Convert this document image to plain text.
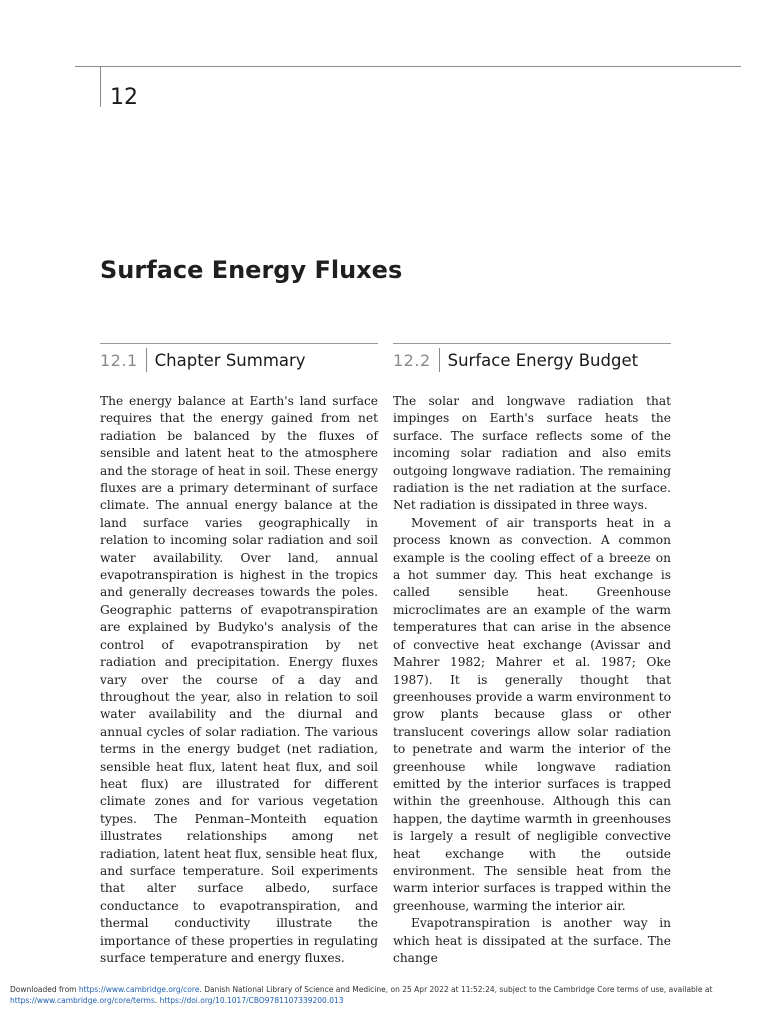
12
Surface Energy Fluxes
12.1	Chapter Summary

The energy balance at Earth's land surface requires that the energy gained from net radiation be balanced by the fluxes of sensible and latent heat to the atmosphere and the storage of heat in soil. These energy fluxes are a primary determinant of surface climate. The annual energy balance at the land surface varies geographically in relation to incoming solar radiation and soil water availability. Over land, annual evapotranspiration is highest in the tropics and generally decreases towards the poles. Geographic patterns of evapotranspiration are explained by Budyko's analysis of the control of evapotranspiration by net radiation and precipitation. Energy fluxes vary over the course of a day and throughout the year, also in relation to soil water availability and the diurnal and annual cycles of solar radiation. The various terms in the energy budget (net radiation, sensible heat flux, latent heat flux, and soil heat flux) are illustrated for different climate zones and for various vegetation types. The Penman–Monteith equation illustrates relationships among net radiation, latent heat flux, sensible heat flux, and surface temperature. Soil experiments that alter surface albedo, surface conductance to evapotranspiration, and thermal conductivity illustrate the importance of these properties in regulating surface temperature and energy fluxes.

12.2	Surface Energy Budget

The solar and longwave radiation that impinges on Earth's surface heats the surface. The surface reflects some of the incoming solar radiation and also emits outgoing longwave radiation. The remaining radiation is the net radiation at the surface. Net radiation is dissipated in three ways.

Movement of air transports heat in a process known as convection. A common example is the cooling effect of a breeze on a hot summer day. This heat exchange is called sensible heat. Greenhouse microclimates are an example of the warm temperatures that can arise in the absence of convective heat exchange (Avissar and Mahrer 1982; Mahrer et al. 1987; Oke 1987). It is generally thought that greenhouses provide a warm environment to grow plants because glass or other translucent coverings allow solar radiation to penetrate and warm the interior of the greenhouse while longwave radiation emitted by the interior surfaces is trapped within the greenhouse. Although this can happen, the daytime warmth in greenhouses is largely a result of negligible convective heat exchange with the outside environment. The sensible heat from the warm interior surfaces is trapped within the greenhouse, warming the interior air.

Evapotranspiration is another way in which heat is dissipated at the surface. The change

Downloaded from https://www.cambridge.org/core. Danish National Library of Science and Medicine, on 25 Apr 2022 at 11:52:24, subject to the Cambridge Core terms of use, available at
https://www.cambridge.org/core/terms. https://doi.org/10.1017/CBO9781107339200.013
